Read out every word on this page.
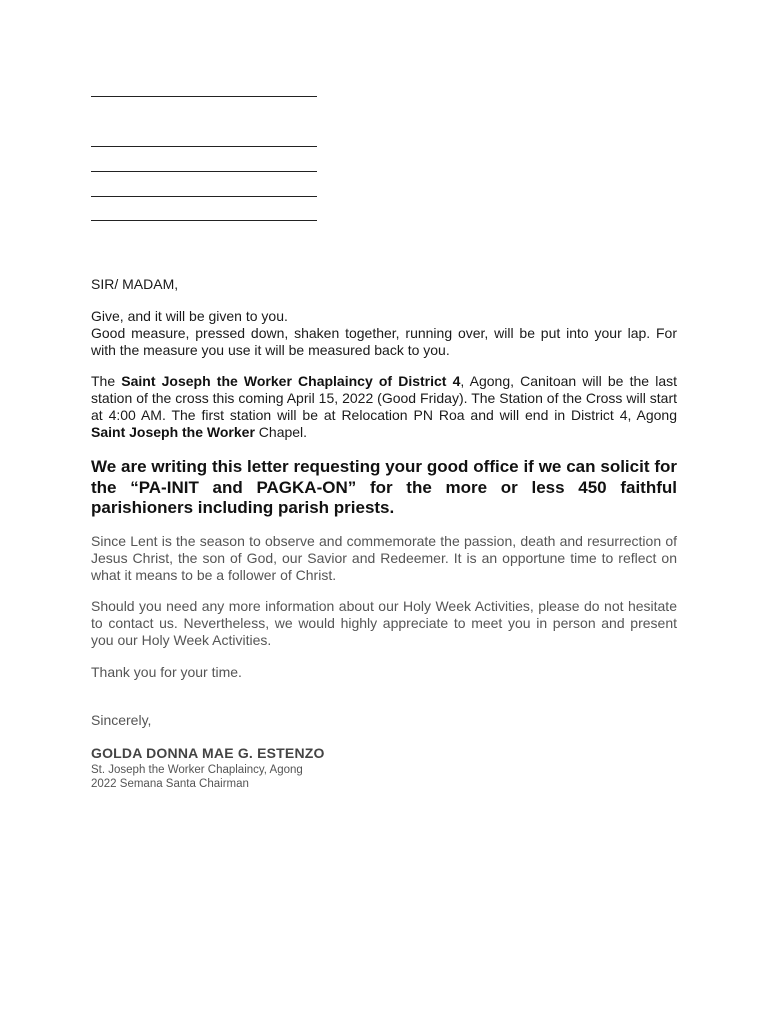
SIR/ MADAM,
Give, and it will be given to you.
Good measure, pressed down, shaken together, running over, will be put into your lap. For with the measure you use it will be measured back to you.
The Saint Joseph the Worker Chaplaincy of District 4, Agong, Canitoan will be the last station of the cross this coming April 15, 2022 (Good Friday). The Station of the Cross will start at 4:00 AM. The first station will be at Relocation PN Roa and will end in District 4, Agong Saint Joseph the Worker Chapel.
We are writing this letter requesting your good office if we can solicit for the “PA-INIT and PAGKA-ON” for the more or less 450 faithful parishioners including parish priests.
Since Lent is the season to observe and commemorate the passion, death and resurrection of Jesus Christ, the son of God, our Savior and Redeemer. It is an opportune time to reflect on what it means to be a follower of Christ.
Should you need any more information about our Holy Week Activities, please do not hesitate to contact us. Nevertheless, we would highly appreciate to meet you in person and present you our Holy Week Activities.
Thank you for your time.
Sincerely,
GOLDA DONNA MAE G. ESTENZO
St. Joseph the Worker Chaplaincy, Agong
2022 Semana Santa Chairman
